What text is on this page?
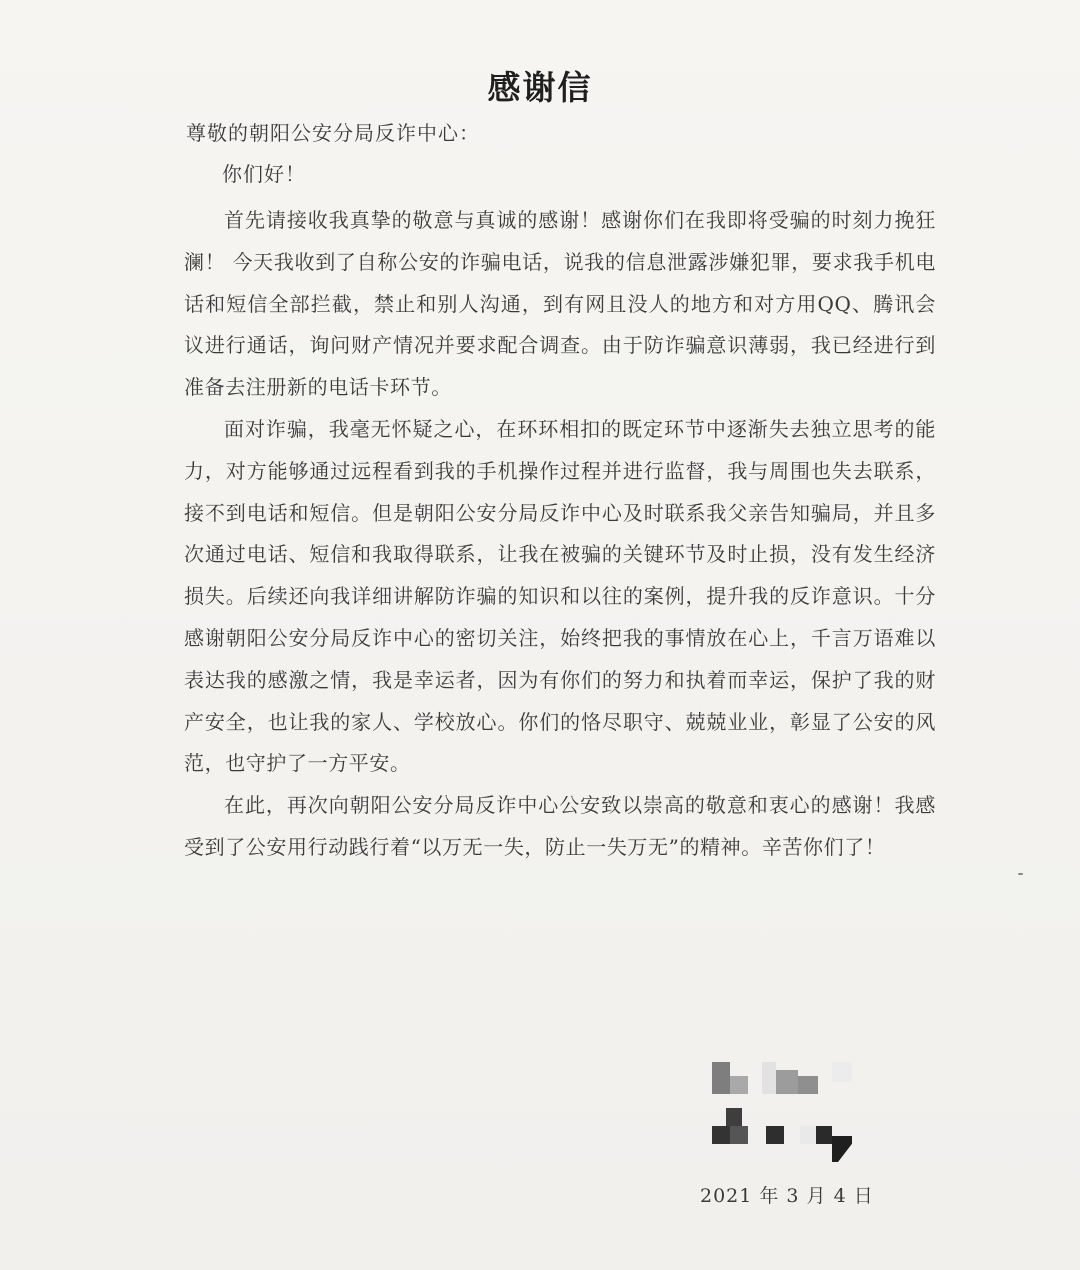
感谢信
尊敬的朝阳公安分局反诈中心：
你们好！

首先请接收我真挚的敬意与真诚的感谢！感谢你们在我即将受骗的时刻力挽狂澜！ 今天我收到了自称公安的诈骗电话，说我的信息泄露涉嫌犯罪，要求我手机电话和短信全部拦截，禁止和别人沟通，到有网且没人的地方和对方用QQ、腾讯会议进行通话，询问财产情况并要求配合调查。由于防诈骗意识薄弱，我已经进行到准备去注册新的电话卡环节。

面对诈骗，我毫无怀疑之心，在环环相扣的既定环节中逐渐失去独立思考的能力，对方能够通过远程看到我的手机操作过程并进行监督，我与周围也失去联系，接不到电话和短信。但是朝阳公安分局反诈中心及时联系我父亲告知骗局，并且多次通过电话、短信和我取得联系，让我在被骗的关键环节及时止损，没有发生经济损失。后续还向我详细讲解防诈骗的知识和以往的案例，提升我的反诈意识。十分感谢朝阳公安分局反诈中心的密切关注，始终把我的事情放在心上，千言万语难以表达我的感激之情，我是幸运者，因为有你们的努力和执着而幸运，保护了我的财产安全，也让我的家人、学校放心。你们的恪尽职守、兢兢业业，彰显了公安的风范，也守护了一方平安。

在此，再次向朝阳公安分局反诈中心公安致以崇高的敬意和衷心的感谢！我感受到了公安用行动践行着“以万无一失，防止一失万无”的精神。辛苦你们了！

2021 年 3 月 4 日
